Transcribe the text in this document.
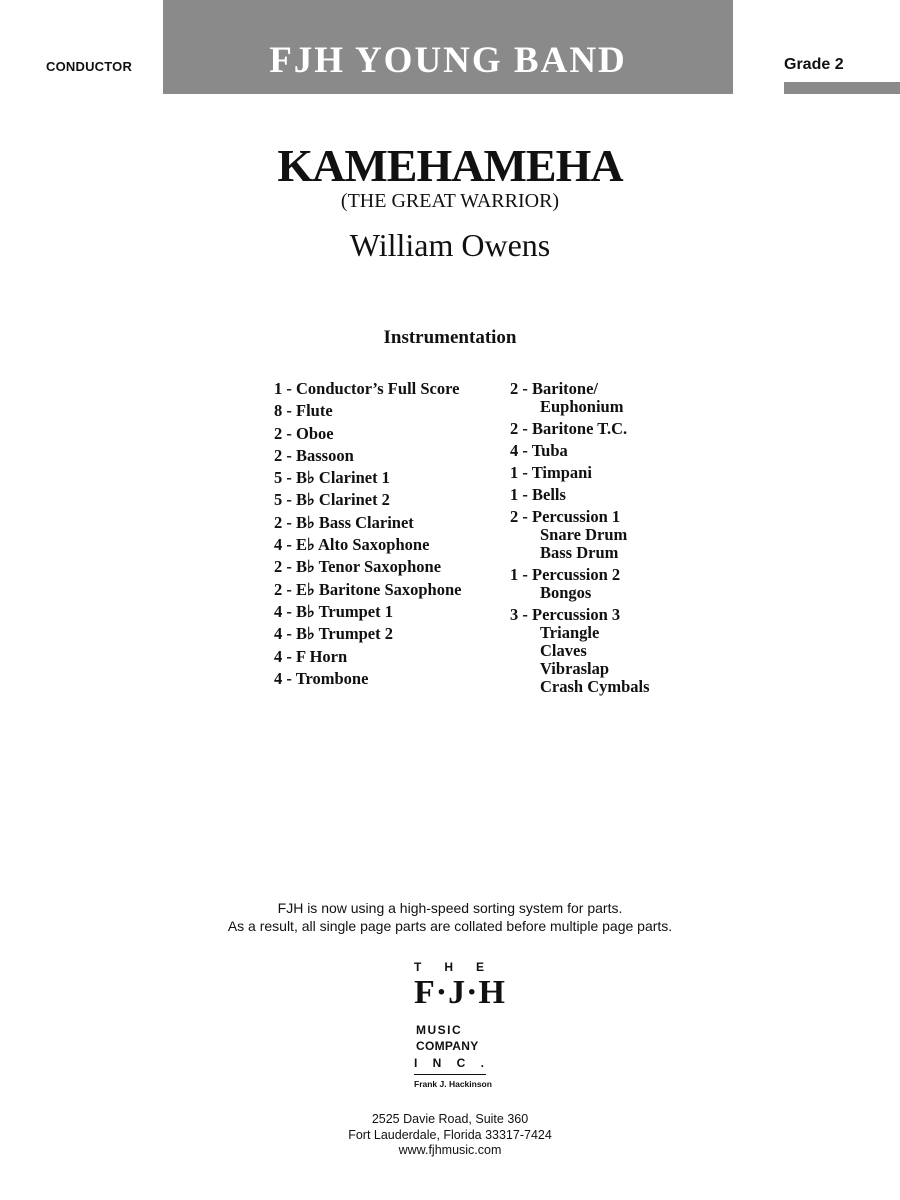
CONDUCTOR	FJH YOUNG BAND	Grade 2
KAMEHAMEHA
(THE GREAT WARRIOR)
William Owens
Instrumentation
1 - Conductor’s Full Score
8 - Flute
2 - Oboe
2 - Bassoon
5 - B♭ Clarinet 1
5 - B♭ Clarinet 2
2 - B♭ Bass Clarinet
4 - E♭ Alto Saxophone
2 - B♭ Tenor Saxophone
2 - E♭ Baritone Saxophone
4 - B♭ Trumpet 1
4 - B♭ Trumpet 2
4 - F Horn
4 - Trombone
2 - Baritone/
Euphonium
2 - Baritone T.C.
4 - Tuba
1 - Timpani
1 - Bells
2 - Percussion 1
Snare Drum
Bass Drum
1 - Percussion 2
Bongos
3 - Percussion 3
Triangle
Claves
Vibraslap
Crash Cymbals
FJH is now using a high-speed sorting system for parts.
As a result, all single page parts are collated before multiple page parts.
T H E
F·J·H
MUSIC
COMPANY
I N C .
Frank J. Hackinson
2525 Davie Road, Suite 360
Fort Lauderdale, Florida 33317-7424
www.fjhmusic.com
